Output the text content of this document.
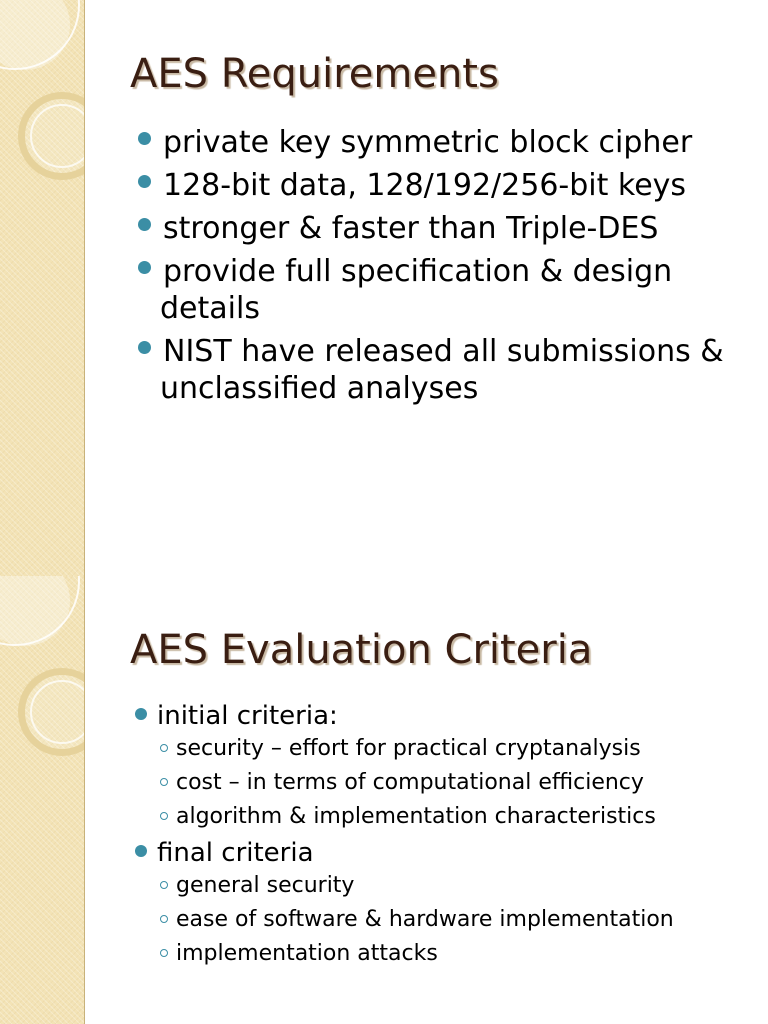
AES Requirements
private key symmetric block cipher
128-bit data, 128/192/256-bit keys
stronger & faster than Triple-DES
provide full specification & design details
NIST have released all submissions & unclassified analyses
AES Evaluation Criteria
initial criteria:
security – effort for practical cryptanalysis
cost – in terms of computational efficiency
algorithm & implementation characteristics
final criteria
general security
ease of software & hardware implementation
implementation attacks
